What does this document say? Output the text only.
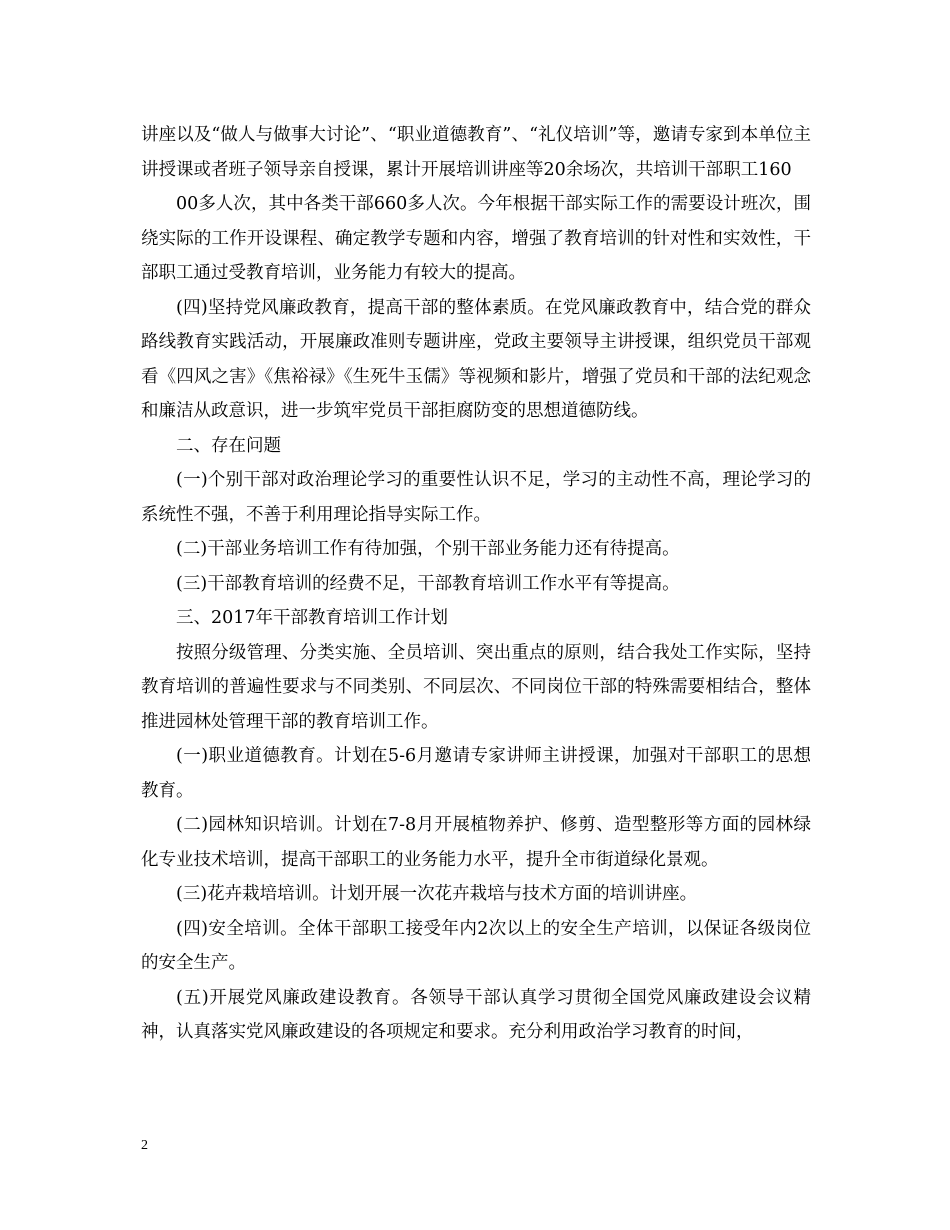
讲座以及“做人与做事大讨论”、“职业道德教育”、“礼仪培训”等，邀请专家到本单位主讲授课或者班子领导亲自授课，累计开展培训讲座等20余场次，共培训干部职工160

00多人次，其中各类干部660多人次。今年根据干部实际工作的需要设计班次，围绕实际的工作开设课程、确定教学专题和内容，增强了教育培训的针对性和实效性，干部职工通过受教育培训，业务能力有较大的提高。

(四)坚持党风廉政教育，提高干部的整体素质。在党风廉政教育中，结合党的群众路线教育实践活动，开展廉政准则专题讲座，党政主要领导主讲授课，组织党员干部观看《四风之害》《焦裕禄》《生死牛玉儒》等视频和影片，增强了党员和干部的法纪观念和廉洁从政意识，进一步筑牢党员干部拒腐防变的思想道德防线。

二、存在问题

(一)个别干部对政治理论学习的重要性认识不足，学习的主动性不高，理论学习的系统性不强，不善于利用理论指导实际工作。

(二)干部业务培训工作有待加强，个别干部业务能力还有待提高。

(三)干部教育培训的经费不足，干部教育培训工作水平有等提高。

三、2017年干部教育培训工作计划

按照分级管理、分类实施、全员培训、突出重点的原则，结合我处工作实际，坚持教育培训的普遍性要求与不同类别、不同层次、不同岗位干部的特殊需要相结合，整体推进园林处管理干部的教育培训工作。

(一)职业道德教育。计划在5-6月邀请专家讲师主讲授课，加强对干部职工的思想教育。

(二)园林知识培训。计划在7-8月开展植物养护、修剪、造型整形等方面的园林绿化专业技术培训，提高干部职工的业务能力水平，提升全市街道绿化景观。

(三)花卉栽培培训。计划开展一次花卉栽培与技术方面的培训讲座。

(四)安全培训。全体干部职工接受年内2次以上的安全生产培训，以保证各级岗位的安全生产。

(五)开展党风廉政建设教育。各领导干部认真学习贯彻全国党风廉政建设会议精神，认真落实党风廉政建设的各项规定和要求。充分利用政治学习教育的时间，

2
